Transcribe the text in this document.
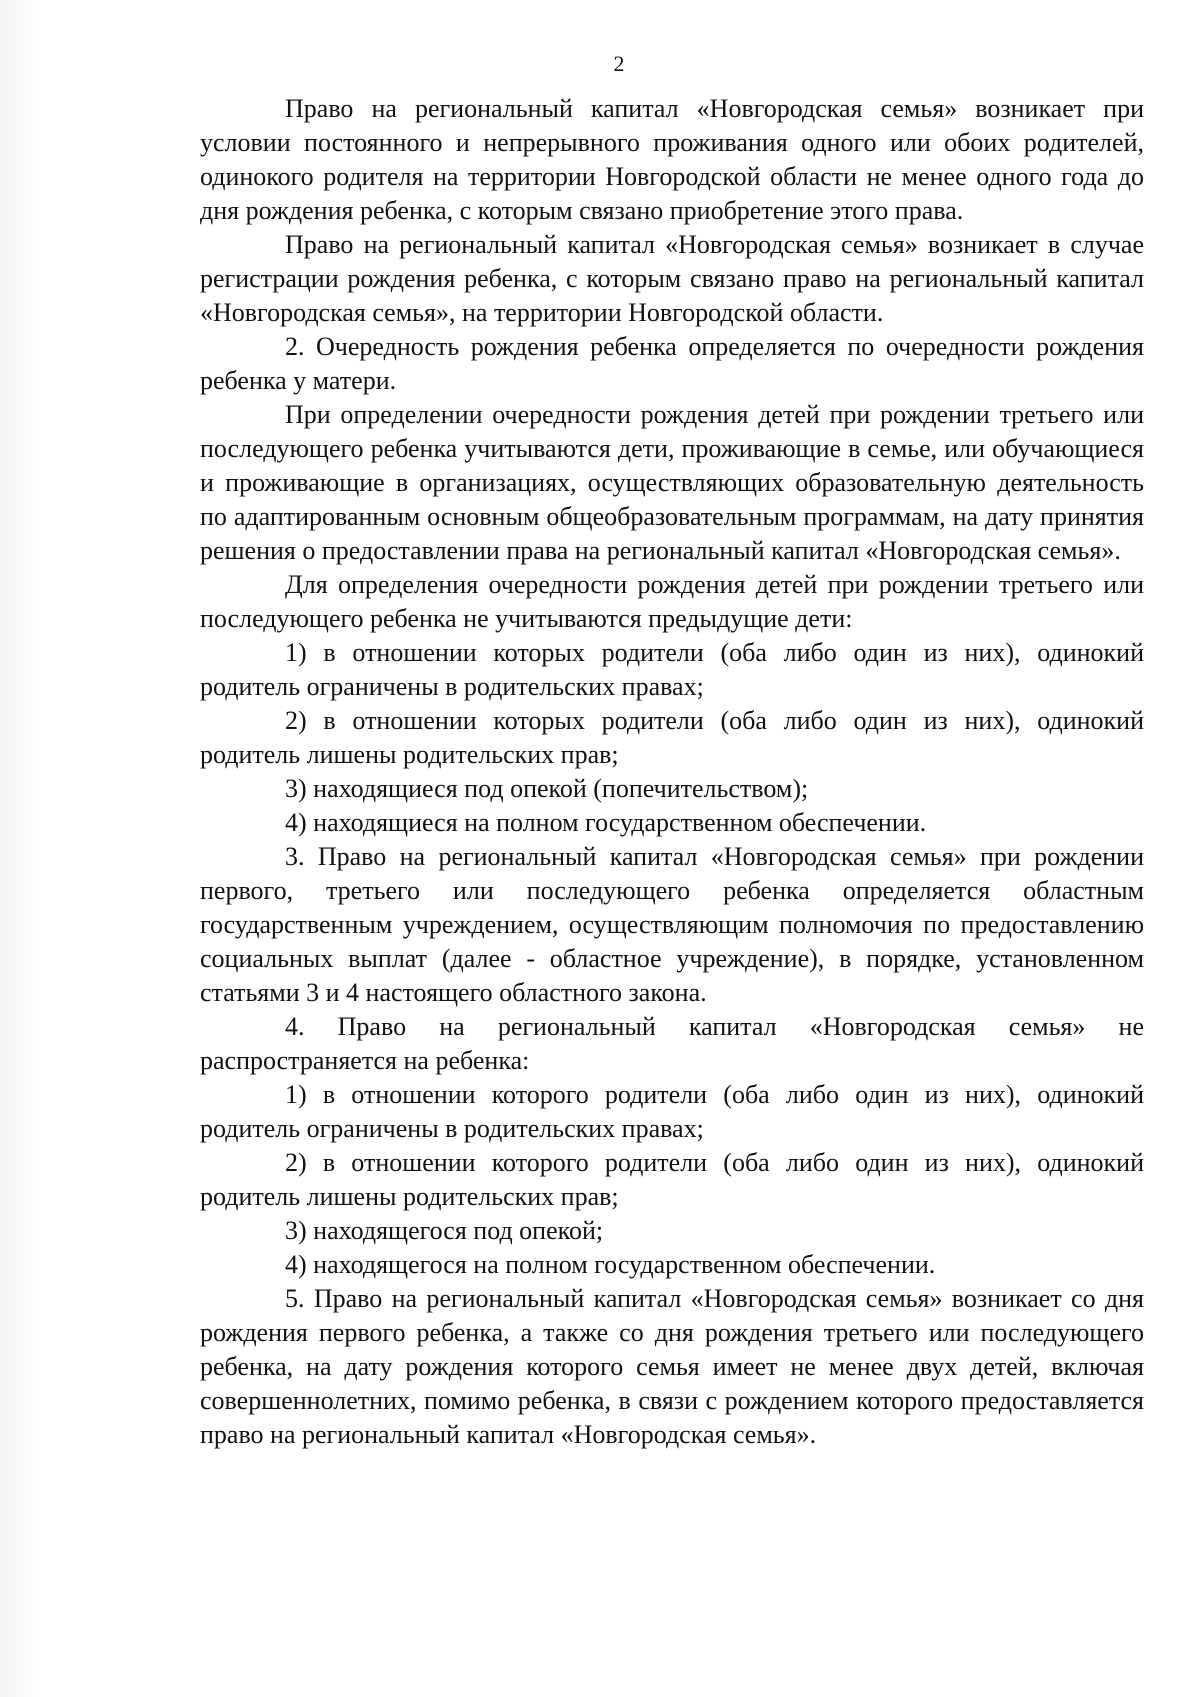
2

Право на региональный капитал «Новгородская семья» возникает при условии постоянного и непрерывного проживания одного или обоих родителей, одинокого родителя на территории Новгородской области не менее одного года до дня рождения ребенка, с которым связано приобретение этого права.

Право на региональный капитал «Новгородская семья» возникает в случае регистрации рождения ребенка, с которым связано право на региональный капитал «Новгородская семья», на территории Новгородской области.

2. Очередность рождения ребенка определяется по очередности рождения ребенка у матери.

При определении очередности рождения детей при рождении третьего или последующего ребенка учитываются дети, проживающие в семье, или обучающиеся и проживающие в организациях, осуществляющих образовательную деятельность по адаптированным основным общеобразовательным программам, на дату принятия решения о предоставлении права на региональный капитал «Новгородская семья».

Для определения очередности рождения детей при рождении третьего или последующего ребенка не учитываются предыдущие дети:

1) в отношении которых родители (оба либо один из них), одинокий родитель ограничены в родительских правах;

2) в отношении которых родители (оба либо один из них), одинокий родитель лишены родительских прав;

3) находящиеся под опекой (попечительством);

4) находящиеся на полном государственном обеспечении.

3. Право на региональный капитал «Новгородская семья» при рождении первого, третьего или последующего ребенка определяется областным государственным учреждением, осуществляющим полномочия по предоставлению социальных выплат (далее - областное учреждение), в порядке, установленном статьями 3 и 4 настоящего областного закона.

4. Право на региональный капитал «Новгородская семья» не распространяется на ребенка:

1) в отношении которого родители (оба либо один из них), одинокий родитель ограничены в родительских правах;

2) в отношении которого родители (оба либо один из них), одинокий родитель лишены родительских прав;

3) находящегося под опекой;

4) находящегося на полном государственном обеспечении.

5. Право на региональный капитал «Новгородская семья» возникает со дня рождения первого ребенка, а также со дня рождения третьего или последующего ребенка, на дату рождения которого семья имеет не менее двух детей, включая совершеннолетних, помимо ребенка, в связи с рождением которого предоставляется право на региональный капитал «Новгородская семья».
